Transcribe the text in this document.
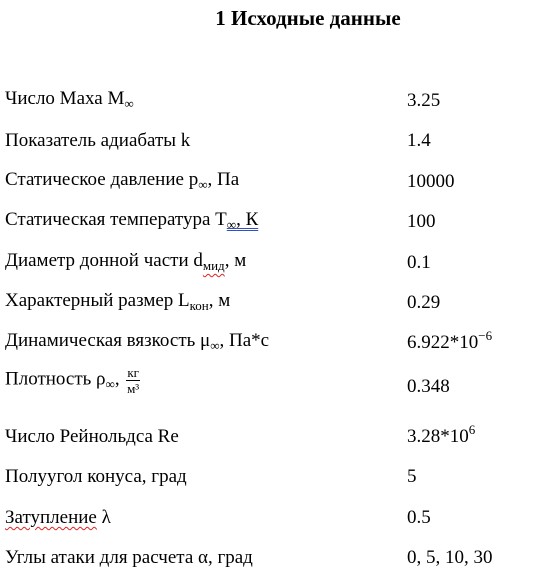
1 Исходные данные
Число Маха $M_\infty$	3.25
Показатель адиабаты k	1.4
Статическое давление $p_\infty$, Па	10000
Статическая температура $T_\infty$, К	100
Диаметр донной части $d_{мид}$, м	0.1
Характерный размер $L_{кон}$, м	0.29
Динамическая вязкость $\mu_\infty$, Па*с	$6.922*10^{-6}$
Плотность $\rho_\infty$, $\frac{кг}{\text{м³}}$	0.348
Число Рейнольдса Re	$3.28*10^6$
Полуугол конуса, град	5
Затупление λ	0.5
Углы атаки для расчета α, град	0, 5, 10, 30
